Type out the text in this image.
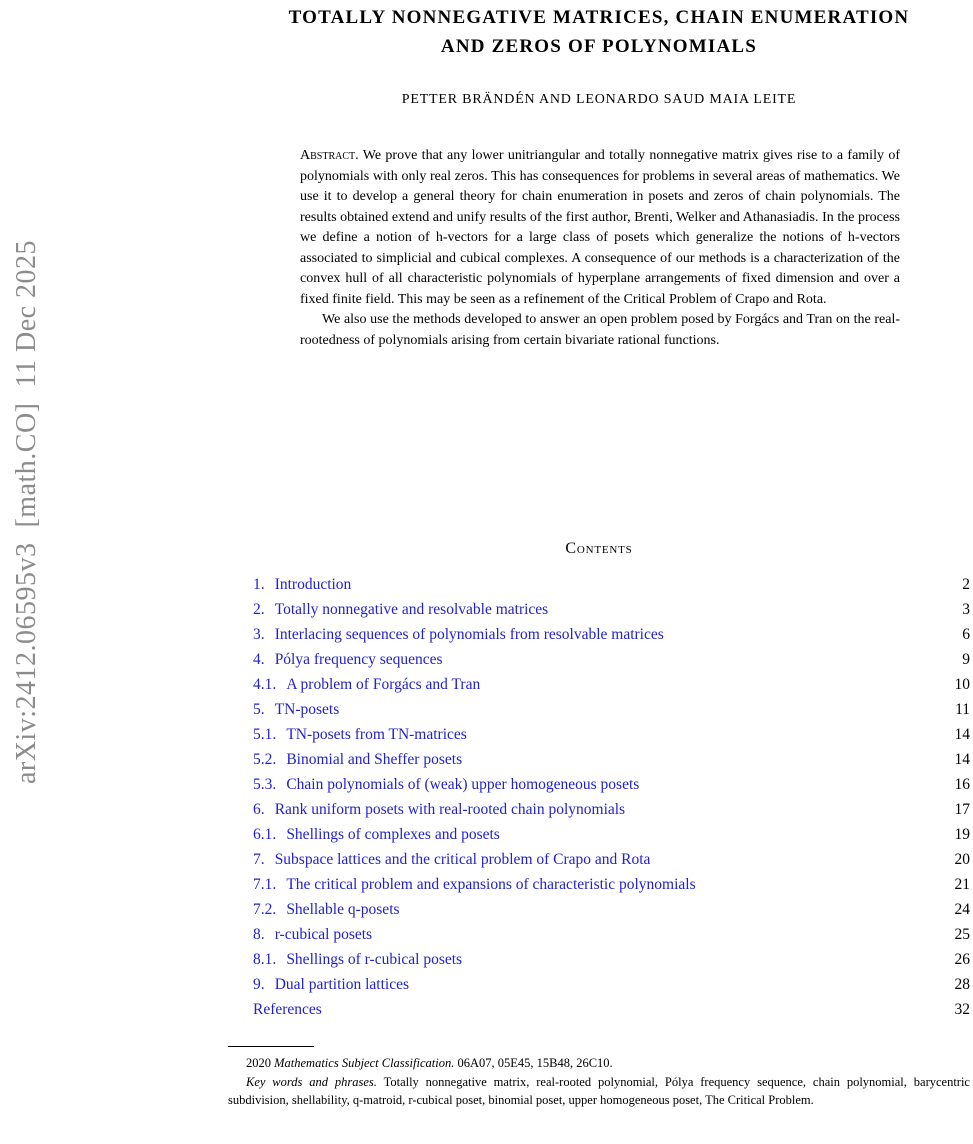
arXiv:2412.06595v3  [math.CO]  11 Dec 2025
TOTALLY NONNEGATIVE MATRICES, CHAIN ENUMERATION
AND ZEROS OF POLYNOMIALS
PETTER BRÄNDÉN AND LEONARDO SAUD MAIA LEITE

Abstract. We prove that any lower unitriangular and totally nonnegative matrix gives rise to a family of polynomials with only real zeros. This has consequences for problems in several areas of mathematics. We use it to develop a general theory for chain enumeration in posets and zeros of chain polynomials. The results obtained extend and unify results of the first author, Brenti, Welker and Athanasiadis. In the process we define a notion of h-vectors for a large class of posets which generalize the notions of h-vectors associated to simplicial and cubical complexes. A consequence of our methods is a characterization of the convex hull of all characteristic polynomials of hyperplane arrangements of fixed dimension and over a fixed finite field. This may be seen as a refinement of the Critical Problem of Crapo and Rota.

We also use the methods developed to answer an open problem posed by Forgács and Tran on the real-rootedness of polynomials arising from certain bivariate rational functions.

Contents
1. Introduction	2
2. Totally nonnegative and resolvable matrices	3
3. Interlacing sequences of polynomials from resolvable matrices	6
4. Pólya frequency sequences	9
4.1. A problem of Forgács and Tran	10
5. TN-posets	11
5.1. TN-posets from TN-matrices	14
5.2. Binomial and Sheffer posets	14
5.3. Chain polynomials of (weak) upper homogeneous posets	16
6. Rank uniform posets with real-rooted chain polynomials	17
6.1. Shellings of complexes and posets	19
7. Subspace lattices and the critical problem of Crapo and Rota	20
7.1. The critical problem and expansions of characteristic polynomials	21
7.2. Shellable q-posets	24
8. r-cubical posets	25
8.1. Shellings of r-cubical posets	26
9. Dual partition lattices	28
References	32

2020 Mathematics Subject Classification. 06A07, 05E45, 15B48, 26C10.

Key words and phrases. Totally nonnegative matrix, real-rooted polynomial, Pólya frequency sequence, chain polynomial, barycentric subdivision, shellability, q-matroid, r-cubical poset, binomial poset, upper homogeneous poset, The Critical Problem.
